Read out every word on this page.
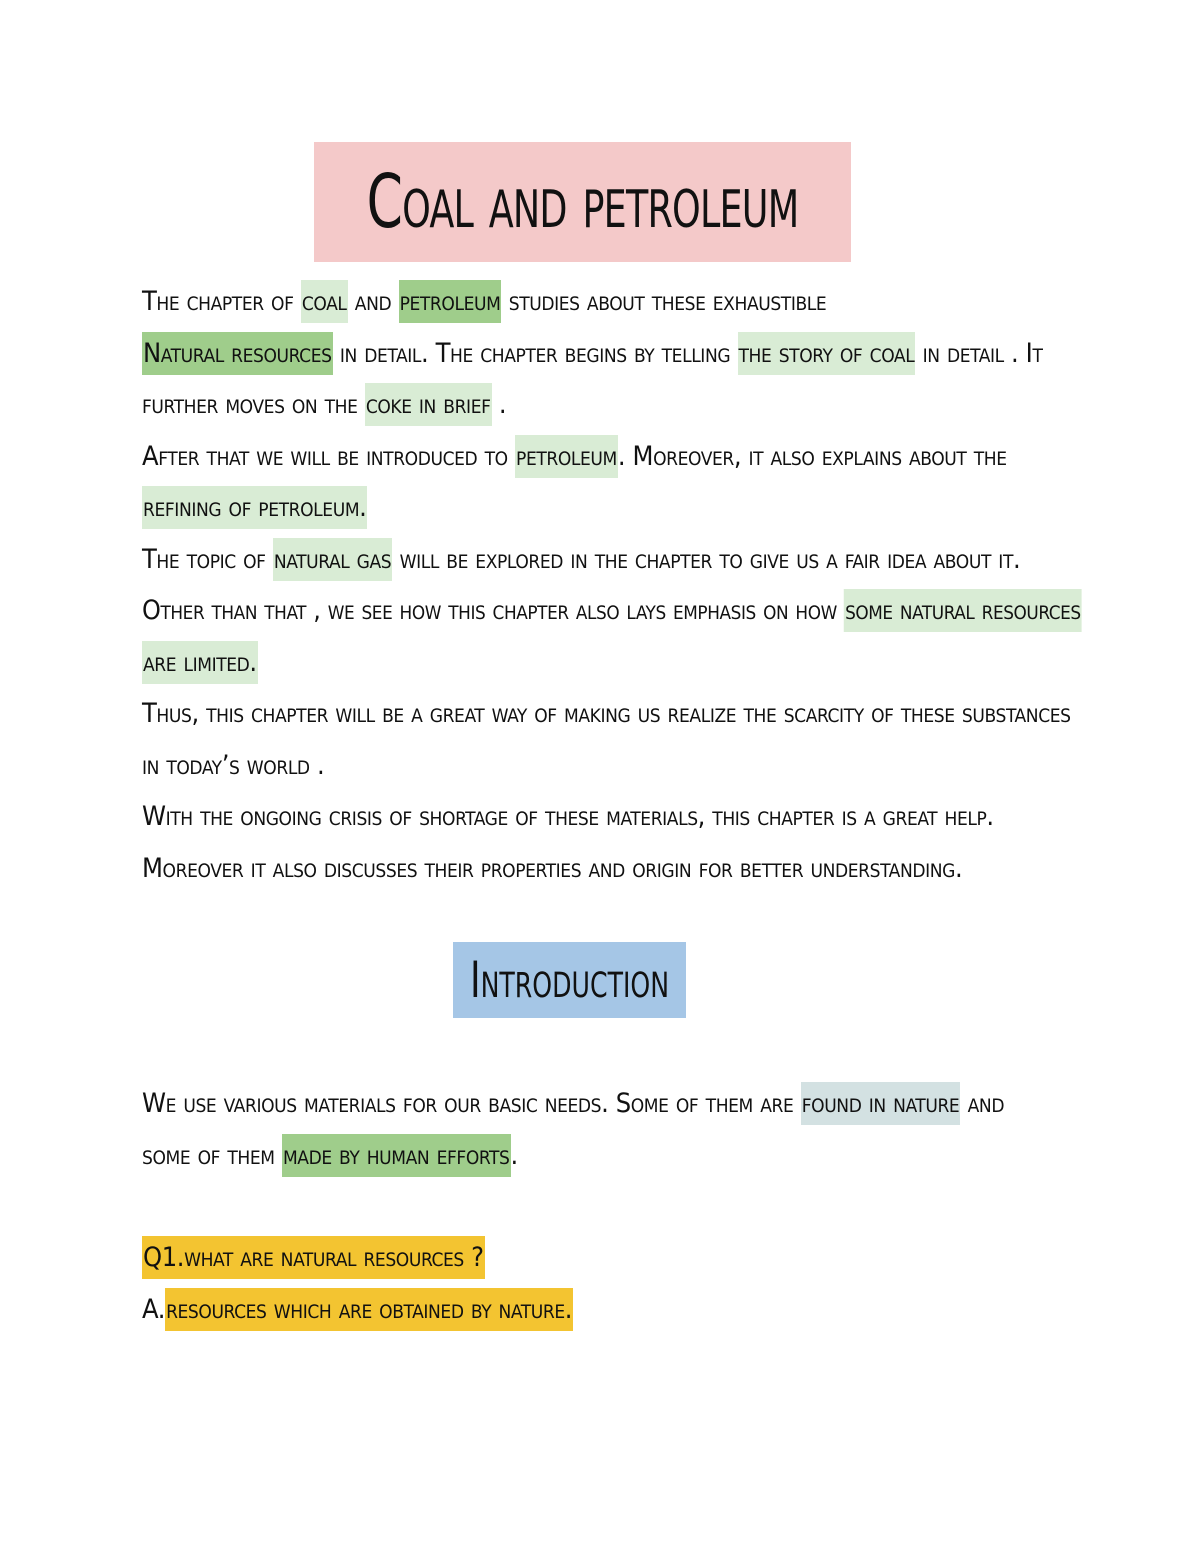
Coal and petroleum
The chapter of coal and petroleum studies about these exhaustible
Natural resources in detail. The chapter begins by telling the story of coal in detail . It
further moves on the coke in brief .
After that we will be introduced to petroleum. Moreover, it also explains about the
refining of petroleum.
The topic of natural gas will be explored in the chapter to give us a fair idea about it.
Other than that , we see how this chapter also lays emphasis on how some natural resources
are limited.
Thus, this chapter will be a great way of making us realize the scarcity of these substances
in today’s world .
With the ongoing crisis of shortage of these materials, this chapter is a great help.
Moreover it also discusses their properties and origin for better understanding.
Introduction
We use various materials for our basic needs. Some of them are found in nature and
some of them made by human efforts.
Q1.what are natural resources ?
A.resources which are obtained by nature.
